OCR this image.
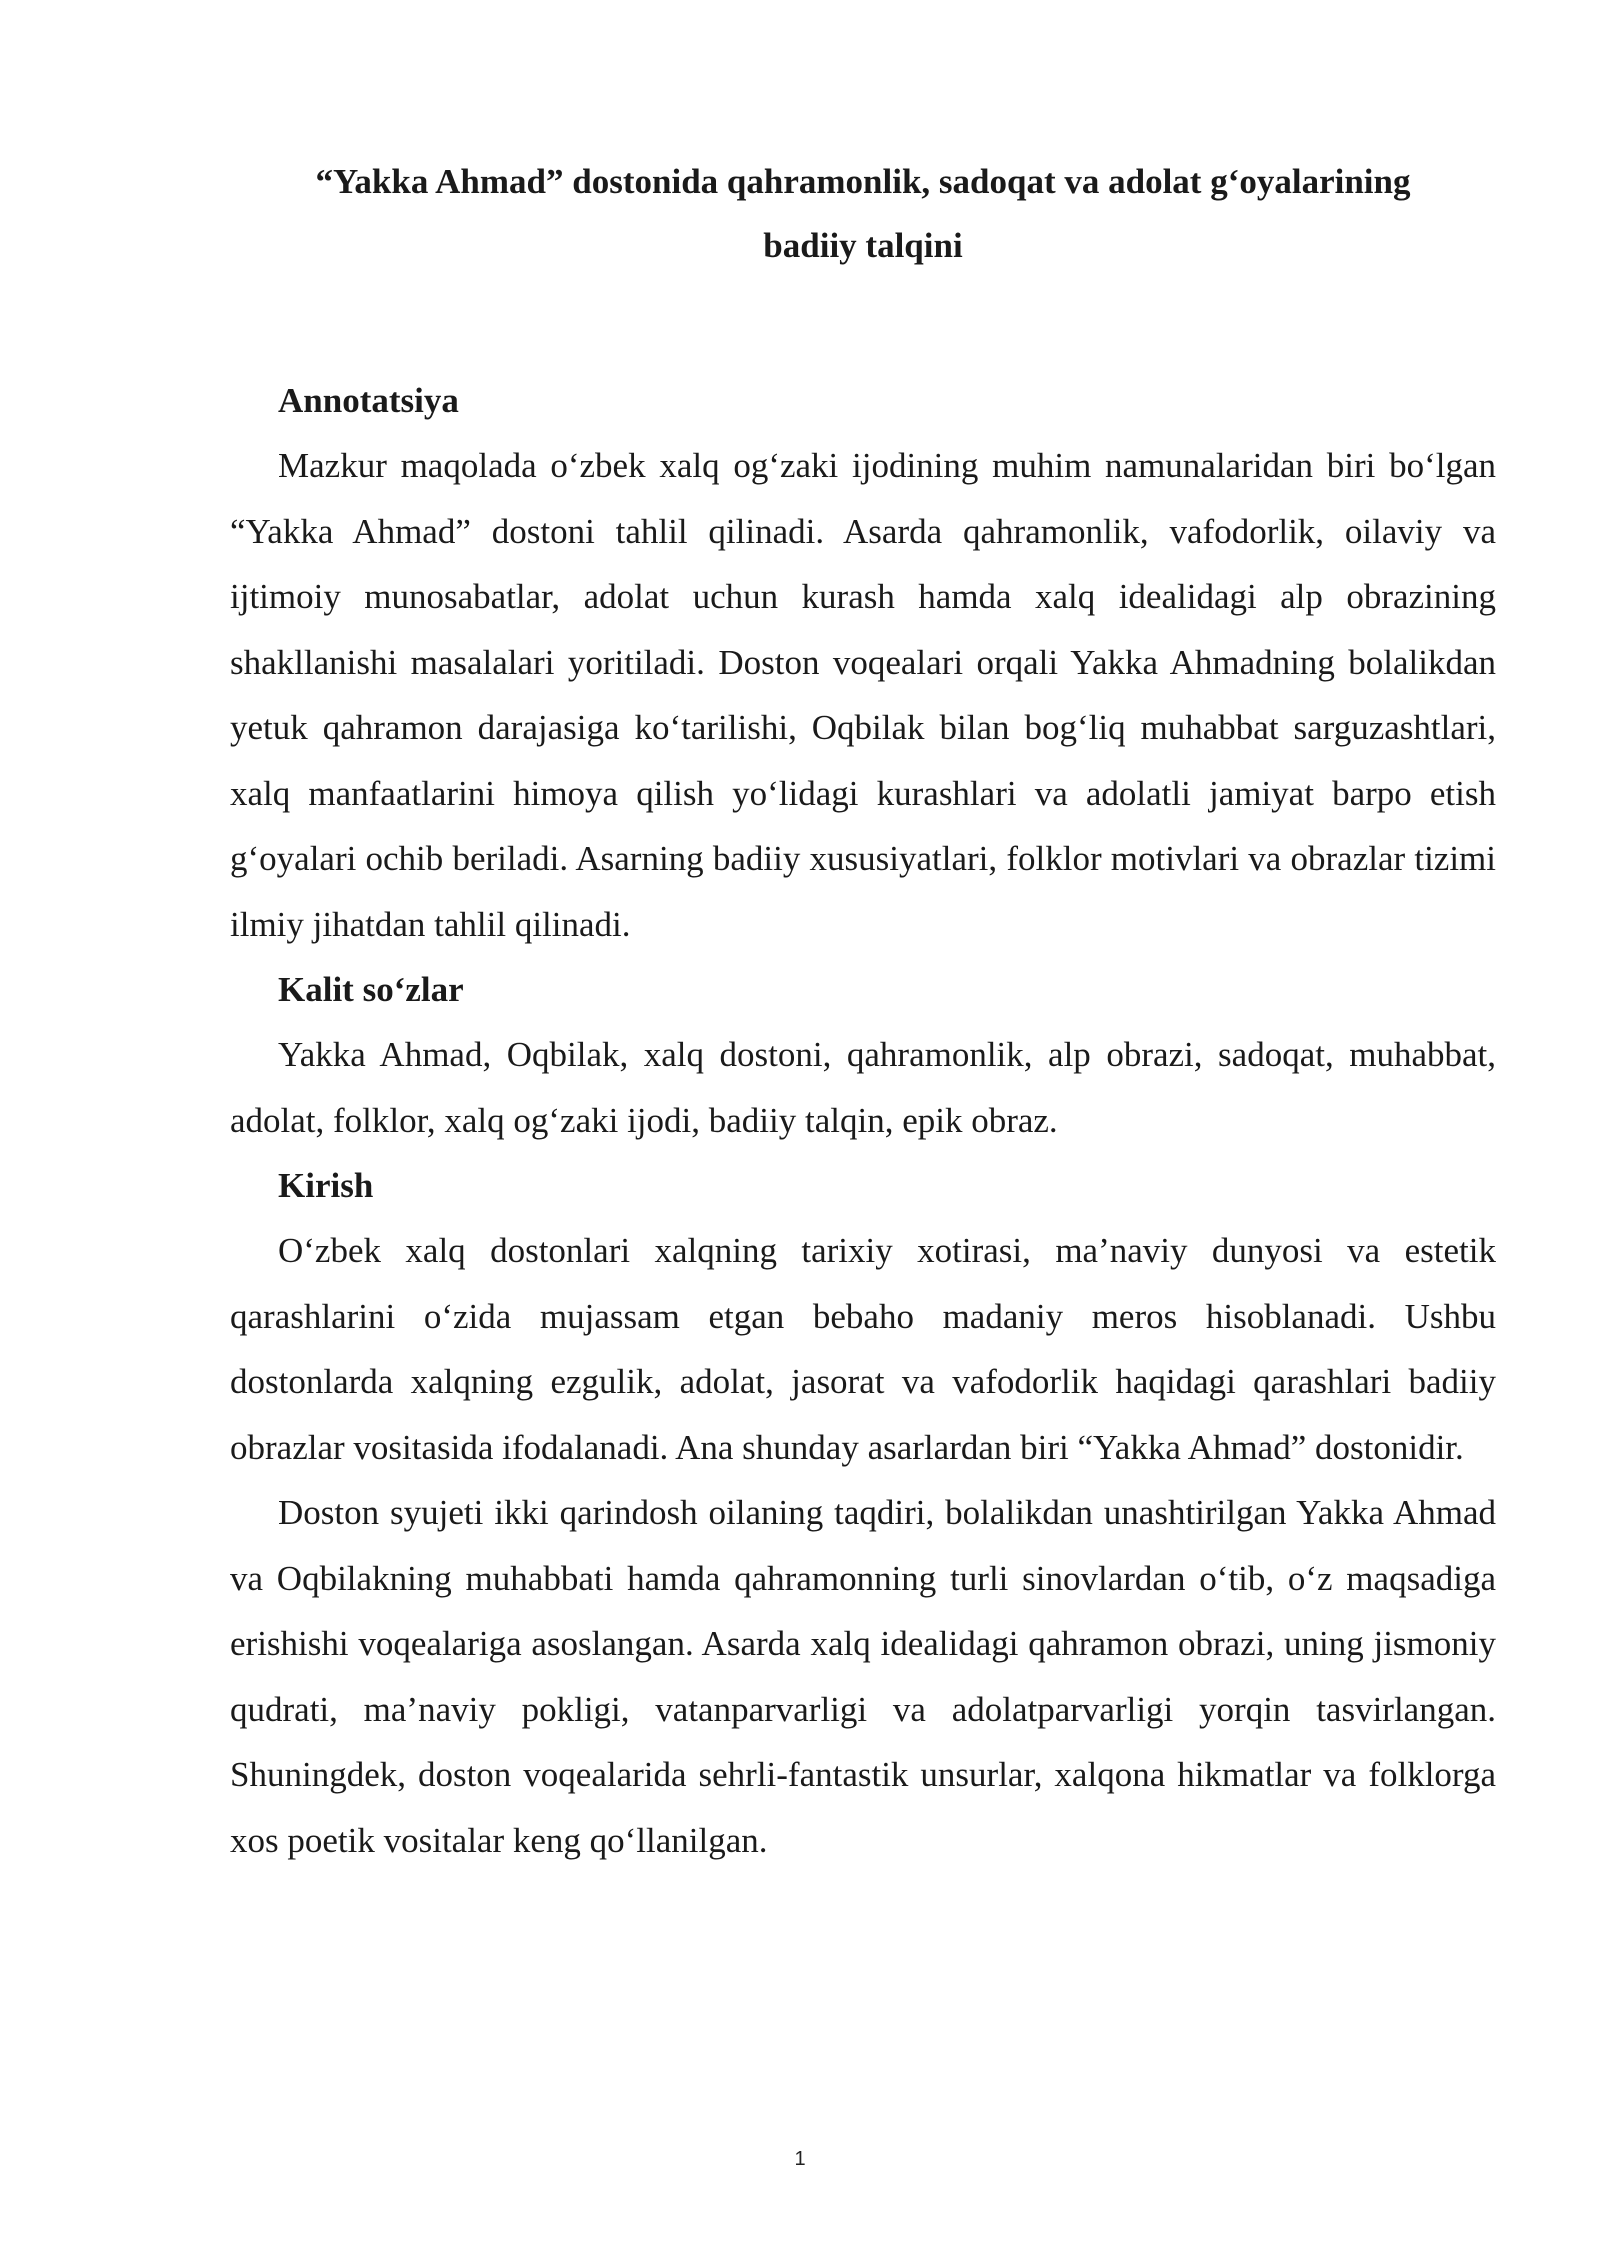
“Yakka Ahmad” dostonida qahramonlik, sadoqat va adolat g‘oyalarining
badiiy talqini
Annotatsiya

Mazkur maqolada o‘zbek xalq og‘zaki ijodining muhim namunalaridan biri bo‘lgan “Yakka Ahmad” dostoni tahlil qilinadi. Asarda qahramonlik, vafodorlik, oilaviy va ijtimoiy munosabatlar, adolat uchun kurash hamda xalq idealidagi alp obrazining shakllanishi masalalari yoritiladi. Doston voqealari orqali Yakka Ahmadning bolalikdan yetuk qahramon darajasiga ko‘tarilishi, Oqbilak bilan bog‘liq muhabbat sarguzashtlari, xalq manfaatlarini himoya qilish yo‘lidagi kurashlari va adolatli jamiyat barpo etish g‘oyalari ochib beriladi. Asarning badiiy xususiyatlari, folklor motivlari va obrazlar tizimi ilmiy jihatdan tahlil qilinadi.

Kalit so‘zlar

Yakka Ahmad, Oqbilak, xalq dostoni, qahramonlik, alp obrazi, sadoqat, muhabbat, adolat, folklor, xalq og‘zaki ijodi, badiiy talqin, epik obraz.

Kirish

O‘zbek xalq dostonlari xalqning tarixiy xotirasi, ma’naviy dunyosi va estetik qarashlarini o‘zida mujassam etgan bebaho madaniy meros hisoblanadi. Ushbu dostonlarda xalqning ezgulik, adolat, jasorat va vafodorlik haqidagi qarashlari badiiy obrazlar vositasida ifodalanadi. Ana shunday asarlardan biri “Yakka Ahmad” dostonidir.

Doston syujeti ikki qarindosh oilaning taqdiri, bolalikdan unashtirilgan Yakka Ahmad va Oqbilakning muhabbati hamda qahramonning turli sinovlardan o‘tib, o‘z maqsadiga erishishi voqealariga asoslangan. Asarda xalq idealidagi qahramon obrazi, uning jismoniy qudrati, ma’naviy pokligi, vatanparvarligi va adolatparvarligi yorqin tasvirlangan. Shuningdek, doston voqealarida sehrli-fantastik unsurlar, xalqona hikmatlar va folklorga xos poetik vositalar keng qo‘llanilgan.

1
